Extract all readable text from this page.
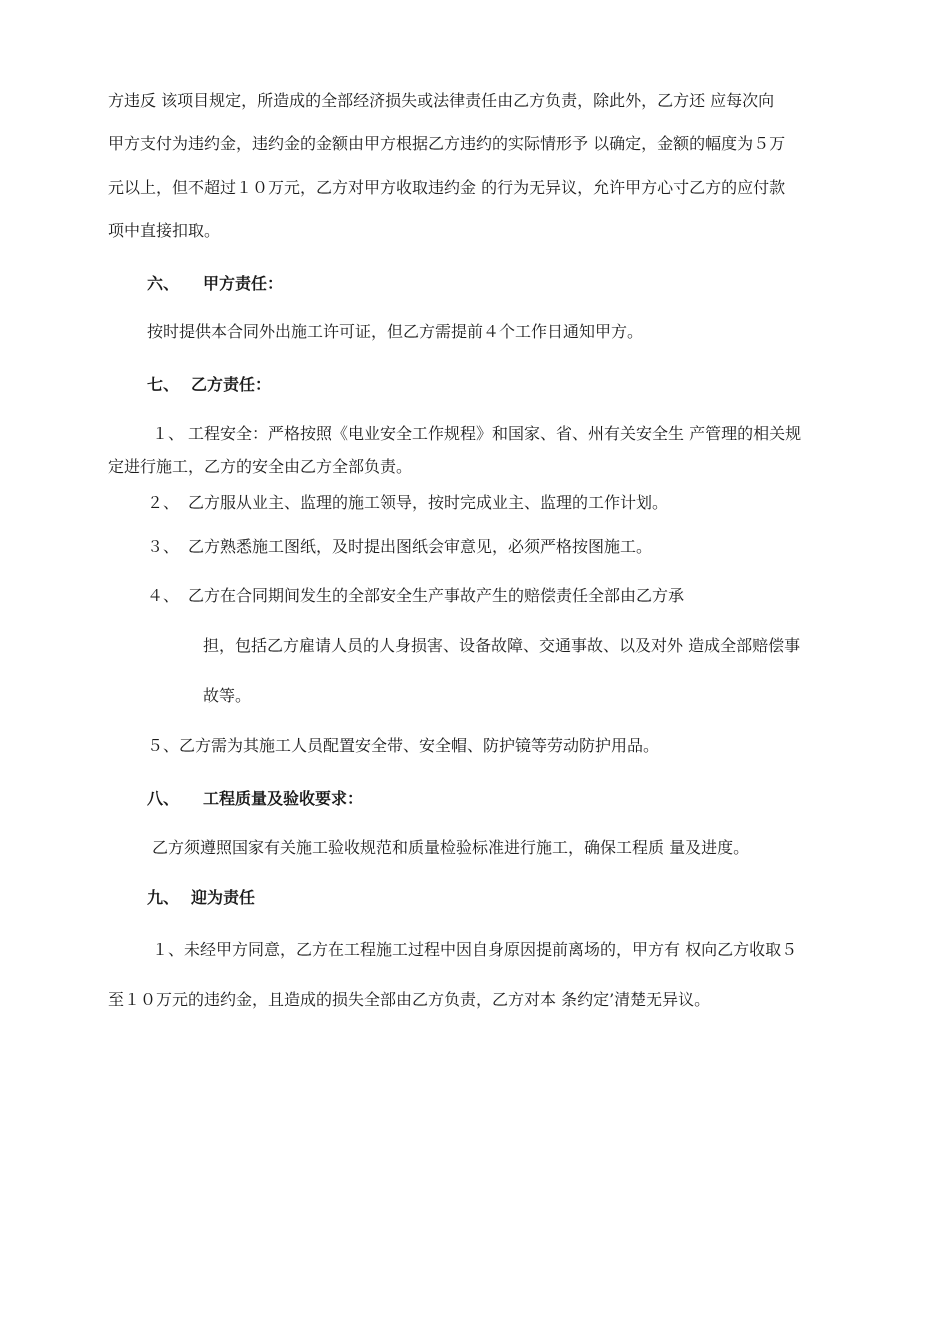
方违反 该项目规定，所造成的全部经济损失或法律责任由乙方负责，除此外，乙方还 应每次向
甲方支付为违约金，违约金的金额由甲方根据乙方违约的实际情形予 以确定，金额的幅度为５万
元以上，但不超过１０万元，乙方对甲方收取违约金 的行为无异议，允许甲方心寸乙方的应付款
项中直接扣取。
六、 甲方责任：
按时提供本合同外出施工许可证，但乙方需提前４个工作日通知甲方。
七、 乙方责任：
１、 工程安全：严格按照《电业安全工作规程》和国家、省、州有关安全生 产管理的相关规
定进行施工，乙方的安全由乙方全部负责。
２、 乙方服从业主、监理的施工领导，按时完成业主、监理的工作计划。
３、 乙方熟悉施工图纸，及时提出图纸会审意见，必须严格按图施工。
４、 乙方在合同期间发生的全部安全生产事故产生的赔偿责任全部由乙方承
担，包括乙方雇请人员的人身损害、设备故障、交通事故、以及对外 造成全部赔偿事
故等。
５、乙方需为其施工人员配置安全带、安全帽、防护镜等劳动防护用品。
八、 工程质量及验收要求：
乙方须遵照国家有关施工验收规范和质量检验标准进行施工，确保工程质 量及进度。
九、 迎为责任
１、未经甲方同意，乙方在工程施工过程中因自身原因提前离场的，甲方有 权向乙方收取５
至１０万元的违约金，且造成的损失全部由乙方负责，乙方对本 条约定’清楚无异议。
